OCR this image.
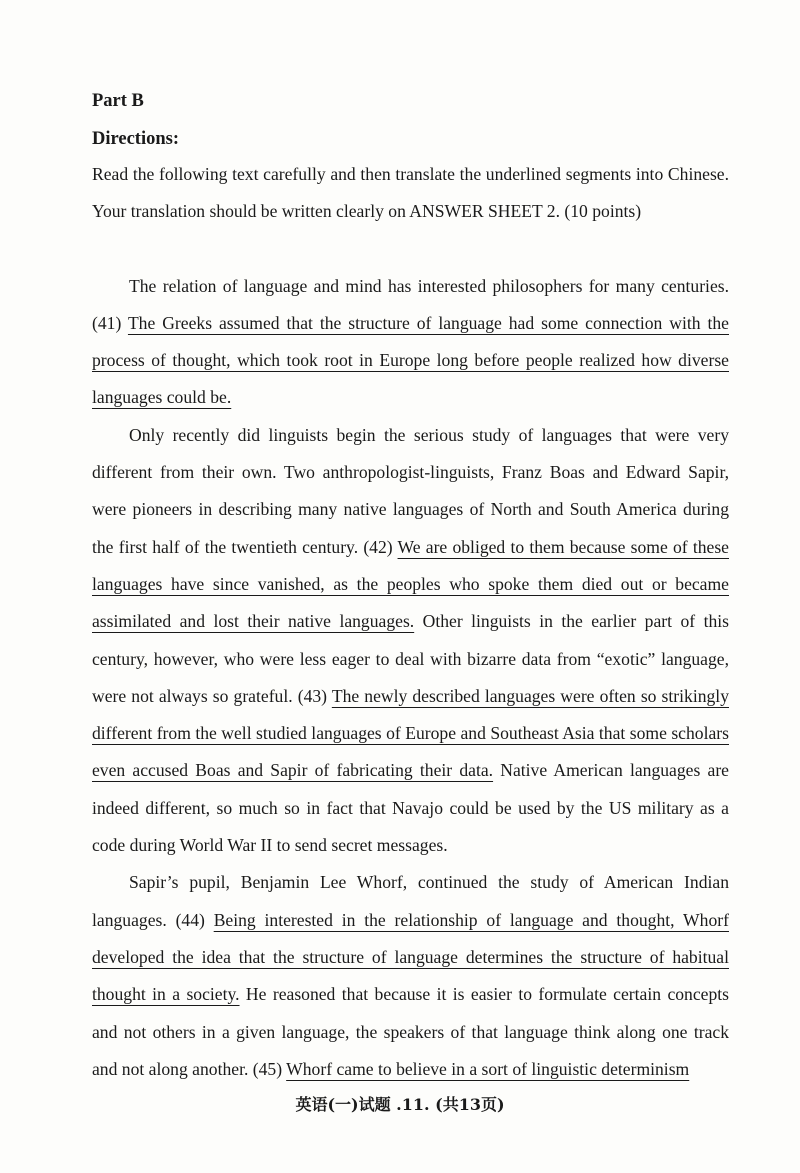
Part B
Directions:

Read the following text carefully and then translate the underlined segments into Chinese. Your translation should be written clearly on ANSWER SHEET 2. (10 points)

The relation of language and mind has interested philosophers for many centuries. (41) The Greeks assumed that the structure of language had some connection with the process of thought, which took root in Europe long before people realized how diverse languages could be.

Only recently did linguists begin the serious study of languages that were very different from their own. Two anthropologist-linguists, Franz Boas and Edward Sapir, were pioneers in describing many native languages of North and South America during the first half of the twentieth century. (42) We are obliged to them because some of these languages have since vanished, as the peoples who spoke them died out or became assimilated and lost their native languages. Other linguists in the earlier part of this century, however, who were less eager to deal with bizarre data from “exotic” language, were not always so grateful. (43) The newly described languages were often so strikingly different from the well studied languages of Europe and Southeast Asia that some scholars even accused Boas and Sapir of fabricating their data. Native American languages are indeed different, so much so in fact that Navajo could be used by the US military as a code during World War II to send secret messages.

Sapir’s pupil, Benjamin Lee Whorf, continued the study of American Indian languages. (44) Being interested in the relationship of language and thought, Whorf developed the idea that the structure of language determines the structure of habitual thought in a society. He reasoned that because it is easier to formulate certain concepts and not others in a given language, the speakers of that language think along one track and not along another. (45) Whorf came to believe in a sort of linguistic determinism

英语(一)试题 .11. (共13页)
